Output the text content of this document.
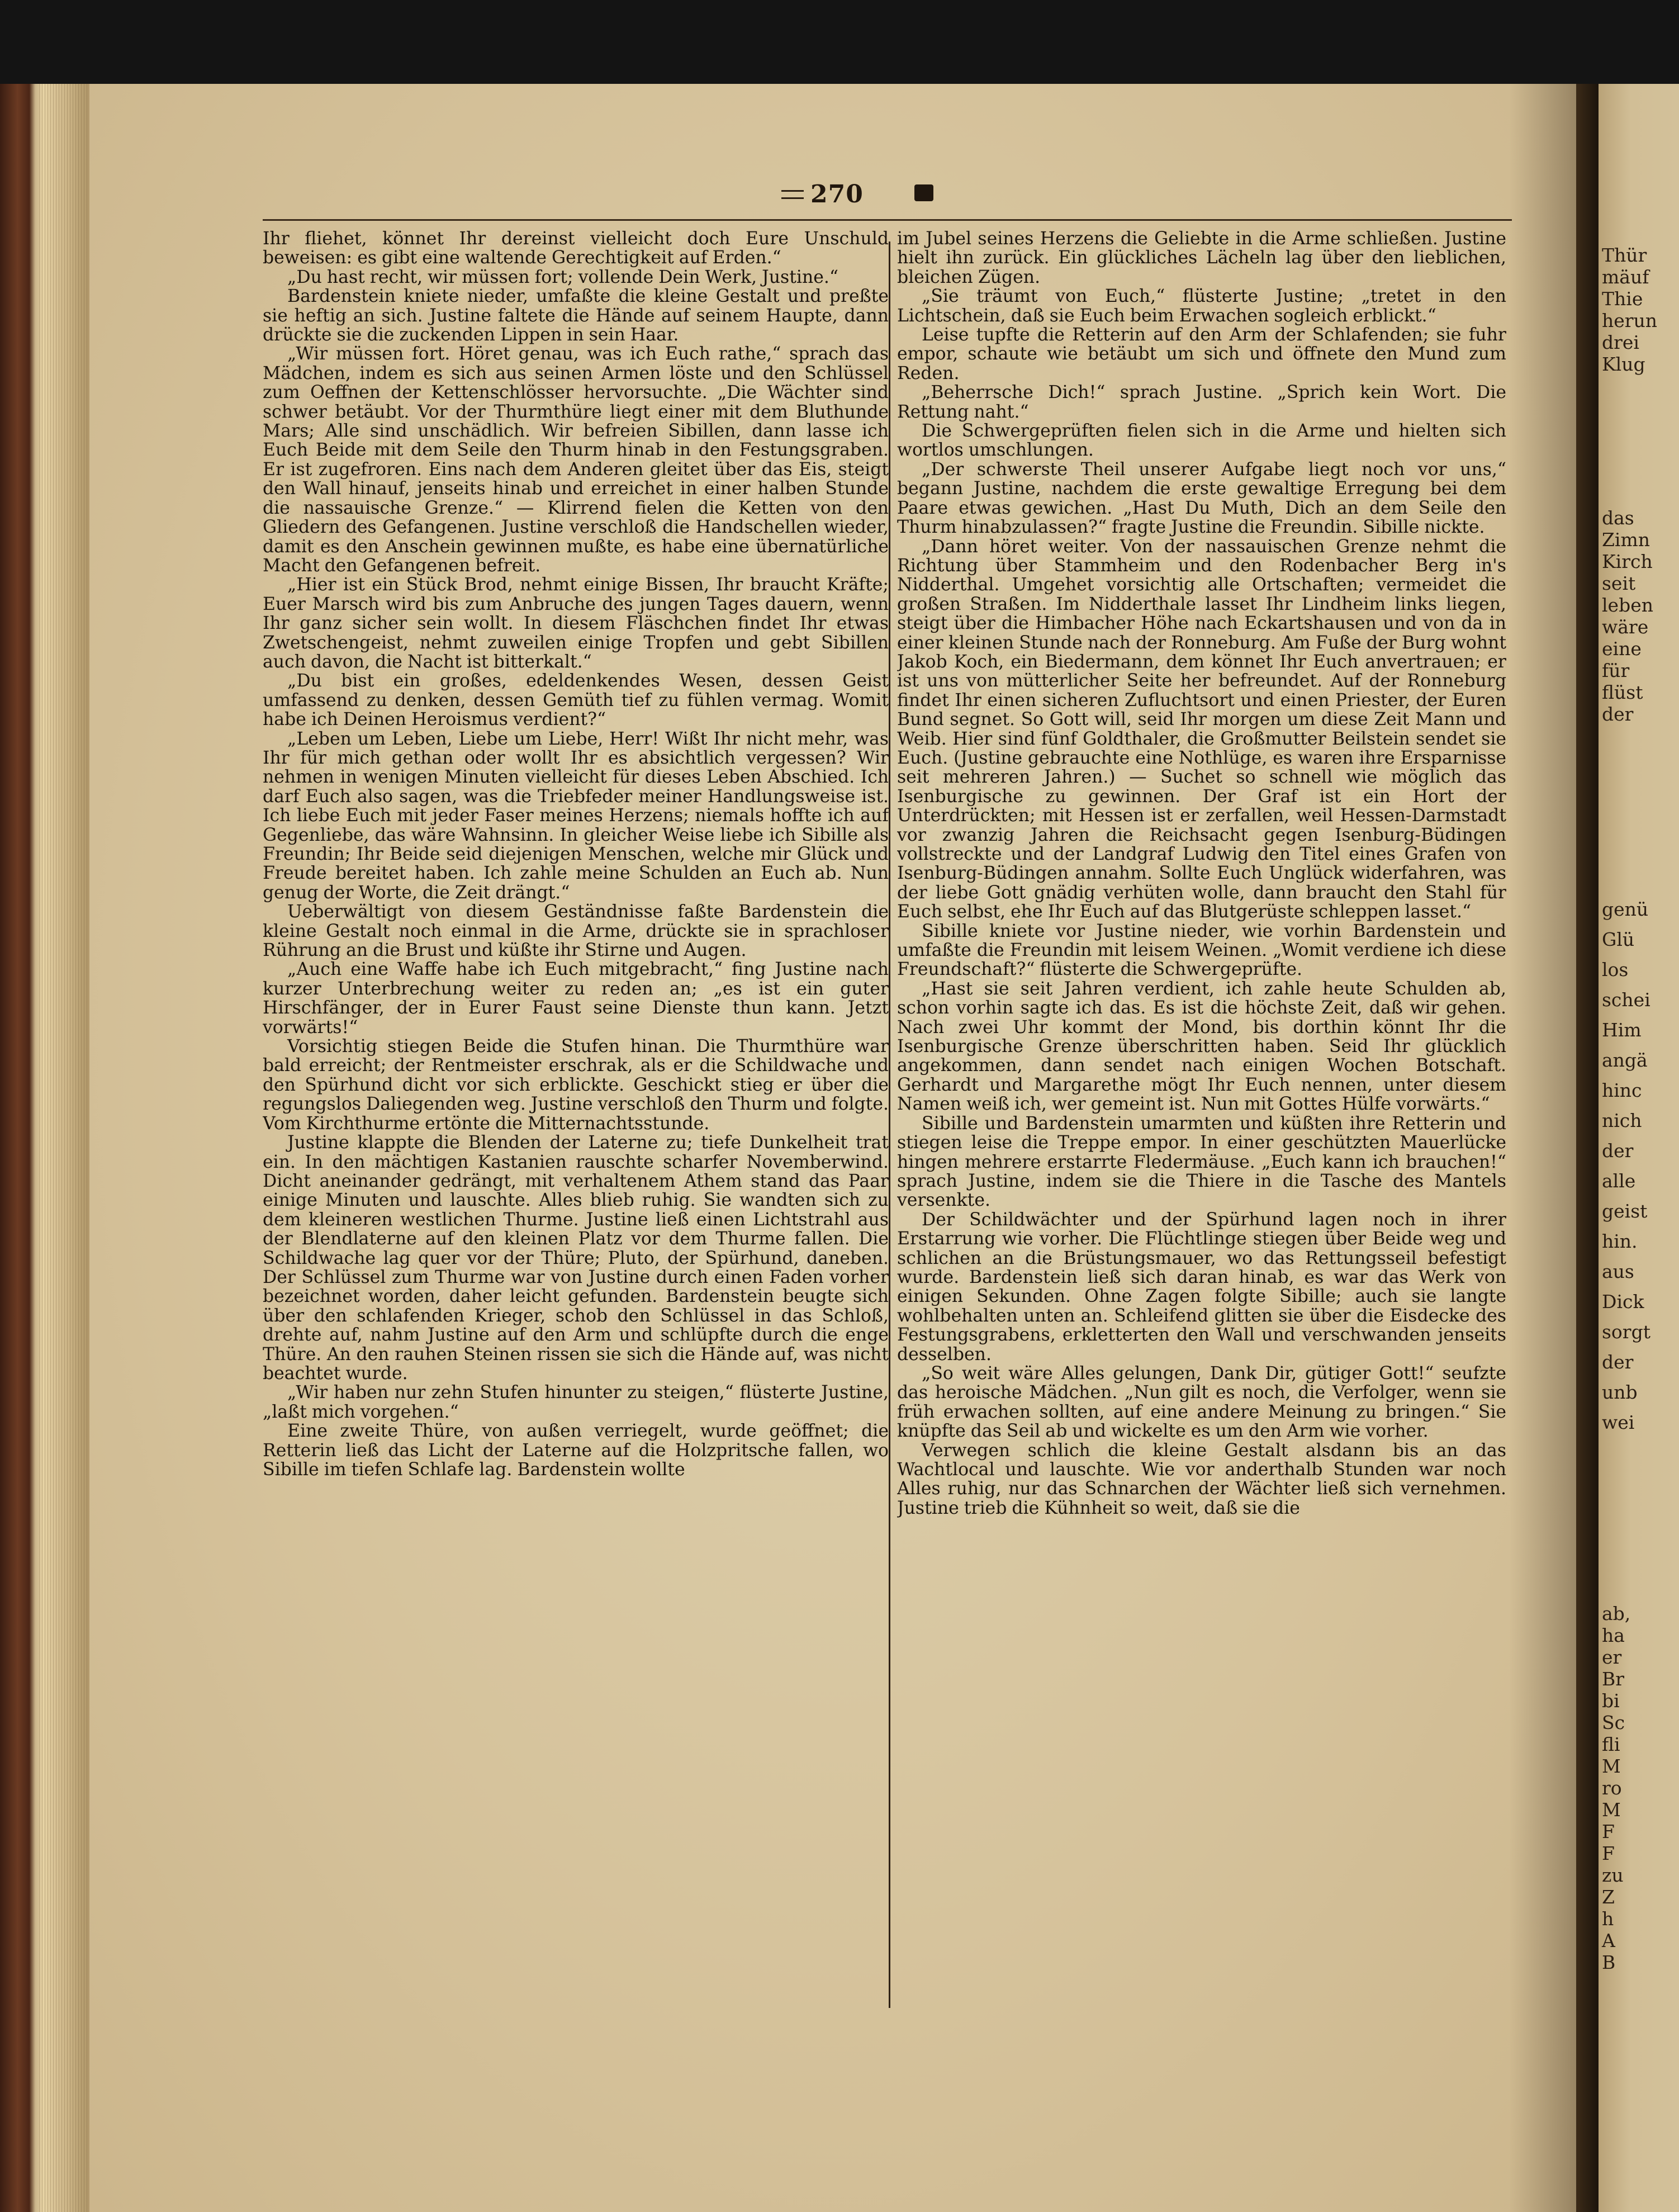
Thür
mäuf
Thie
herun
drei
Klug
das
Zimn
Kirch
seit
leben
wäre
eine
für
flüst
der
genü
Glü
los
schei
Him
angä
hinc
nich
der
alle
geist
hin.
aus
Dick
sorgt
der
unb
wei
ab,
ha
er
Br
bi
Sc
fli
M
ro
M
F
F
zu
Z
h
A
B
270

Ihr fliehet, könnet Ihr dereinst vielleicht doch Eure Unschuld beweisen: es gibt eine waltende Gerechtigkeit auf Erden.“

„Du hast recht, wir müssen fort; vollende Dein Werk, Justine.“

Bardenstein kniete nieder, umfaßte die kleine Gestalt und preßte sie heftig an sich. Justine faltete die Hände auf seinem Haupte, dann drückte sie die zuckenden Lippen in sein Haar.

„Wir müssen fort. Höret genau, was ich Euch rathe,“ sprach das Mädchen, indem es sich aus seinen Armen löste und den Schlüssel zum Oeffnen der Kettenschlösser hervorsuchte. „Die Wächter sind schwer betäubt. Vor der Thurmthüre liegt einer mit dem Bluthunde Mars; Alle sind unschädlich. Wir befreien Sibillen, dann lasse ich Euch Beide mit dem Seile den Thurm hinab in den Festungsgraben. Er ist zugefroren. Eins nach dem Anderen gleitet über das Eis, steigt den Wall hinauf, jenseits hinab und erreichet in einer halben Stunde die nassauische Grenze.“ — Klirrend fielen die Ketten von den Gliedern des Gefangenen. Justine verschloß die Handschellen wieder, damit es den Anschein gewinnen mußte, es habe eine übernatürliche Macht den Gefangenen befreit.

„Hier ist ein Stück Brod, nehmt einige Bissen, Ihr braucht Kräfte; Euer Marsch wird bis zum Anbruche des jungen Tages dauern, wenn Ihr ganz sicher sein wollt. In diesem Fläschchen findet Ihr etwas Zwetschengeist, nehmt zuweilen einige Tropfen und gebt Sibillen auch davon, die Nacht ist bitterkalt.“

„Du bist ein großes, edeldenkendes Wesen, dessen Geist umfassend zu denken, dessen Gemüth tief zu fühlen vermag. Womit habe ich Deinen Heroismus verdient?“

„Leben um Leben, Liebe um Liebe, Herr! Wißt Ihr nicht mehr, was Ihr für mich gethan oder wollt Ihr es absichtlich vergessen? Wir nehmen in wenigen Minuten vielleicht für dieses Leben Abschied. Ich darf Euch also sagen, was die Triebfeder meiner Handlungsweise ist. Ich liebe Euch mit jeder Faser meines Herzens; niemals hoffte ich auf Gegenliebe, das wäre Wahnsinn. In gleicher Weise liebe ich Sibille als Freundin; Ihr Beide seid diejenigen Menschen, welche mir Glück und Freude bereitet haben. Ich zahle meine Schulden an Euch ab. Nun genug der Worte, die Zeit drängt.“

Ueberwältigt von diesem Geständnisse faßte Bardenstein die kleine Gestalt noch einmal in die Arme, drückte sie in sprachloser Rührung an die Brust und küßte ihr Stirne und Augen.

„Auch eine Waffe habe ich Euch mitgebracht,“ fing Justine nach kurzer Unterbrechung weiter zu reden an; „es ist ein guter Hirschfänger, der in Eurer Faust seine Dienste thun kann. Jetzt vorwärts!“

Vorsichtig stiegen Beide die Stufen hinan. Die Thurmthüre war bald erreicht; der Rentmeister erschrak, als er die Schildwache und den Spürhund dicht vor sich erblickte. Geschickt stieg er über die regungslos Daliegenden weg. Justine verschloß den Thurm und folgte. Vom Kirchthurme ertönte die Mitternachtsstunde.

Justine klappte die Blenden der Laterne zu; tiefe Dunkelheit trat ein. In den mächtigen Kastanien rauschte scharfer Novemberwind. Dicht aneinander gedrängt, mit verhaltenem Athem stand das Paar einige Minuten und lauschte. Alles blieb ruhig. Sie wandten sich zu dem kleineren westlichen Thurme. Justine ließ einen Lichtstrahl aus der Blendlaterne auf den kleinen Platz vor dem Thurme fallen. Die Schildwache lag quer vor der Thüre; Pluto, der Spürhund, daneben. Der Schlüssel zum Thurme war von Justine durch einen Faden vorher bezeichnet worden, daher leicht gefunden. Bardenstein beugte sich über den schlafenden Krieger, schob den Schlüssel in das Schloß, drehte auf, nahm Justine auf den Arm und schlüpfte durch die enge Thüre. An den rauhen Steinen rissen sie sich die Hände auf, was nicht beachtet wurde.

„Wir haben nur zehn Stufen hinunter zu steigen,“ flüsterte Justine, „laßt mich vorgehen.“

Eine zweite Thüre, von außen verriegelt, wurde geöffnet; die Retterin ließ das Licht der Laterne auf die Holzpritsche fallen, wo Sibille im tiefen Schlafe lag. Bardenstein wollte

im Jubel seines Herzens die Geliebte in die Arme schließen. Justine hielt ihn zurück. Ein glückliches Lächeln lag über den lieblichen, bleichen Zügen.

„Sie träumt von Euch,“ flüsterte Justine; „tretet in den Lichtschein, daß sie Euch beim Erwachen sogleich erblickt.“

Leise tupfte die Retterin auf den Arm der Schlafenden; sie fuhr empor, schaute wie betäubt um sich und öffnete den Mund zum Reden.

„Beherrsche Dich!“ sprach Justine. „Sprich kein Wort. Die Rettung naht.“

Die Schwergeprüften fielen sich in die Arme und hielten sich wortlos umschlungen.

„Der schwerste Theil unserer Aufgabe liegt noch vor uns,“ begann Justine, nachdem die erste gewaltige Erregung bei dem Paare etwas gewichen. „Hast Du Muth, Dich an dem Seile den Thurm hinabzulassen?“ fragte Justine die Freundin. Sibille nickte.

„Dann höret weiter. Von der nassauischen Grenze nehmt die Richtung über Stammheim und den Rodenbacher Berg in's Nidderthal. Umgehet vorsichtig alle Ortschaften; vermeidet die großen Straßen. Im Nidderthale lasset Ihr Lindheim links liegen, steigt über die Himbacher Höhe nach Eckartshausen und von da in einer kleinen Stunde nach der Ronneburg. Am Fuße der Burg wohnt Jakob Koch, ein Biedermann, dem könnet Ihr Euch anvertrauen; er ist uns von mütterlicher Seite her befreundet. Auf der Ronneburg findet Ihr einen sicheren Zufluchtsort und einen Priester, der Euren Bund segnet. So Gott will, seid Ihr morgen um diese Zeit Mann und Weib. Hier sind fünf Goldthaler, die Großmutter Beilstein sendet sie Euch. (Justine gebrauchte eine Nothlüge, es waren ihre Ersparnisse seit mehreren Jahren.) — Suchet so schnell wie möglich das Isenburgische zu gewinnen. Der Graf ist ein Hort der Unterdrückten; mit Hessen ist er zerfallen, weil Hessen-Darmstadt vor zwanzig Jahren die Reichsacht gegen Isenburg-Büdingen vollstreckte und der Landgraf Ludwig den Titel eines Grafen von Isenburg-Büdingen annahm. Sollte Euch Unglück widerfahren, was der liebe Gott gnädig verhüten wolle, dann braucht den Stahl für Euch selbst, ehe Ihr Euch auf das Blutgerüste schleppen lasset.“

Sibille kniete vor Justine nieder, wie vorhin Bardenstein und umfaßte die Freundin mit leisem Weinen. „Womit verdiene ich diese Freundschaft?“ flüsterte die Schwergeprüfte.

„Hast sie seit Jahren verdient, ich zahle heute Schulden ab, schon vorhin sagte ich das. Es ist die höchste Zeit, daß wir gehen. Nach zwei Uhr kommt der Mond, bis dorthin könnt Ihr die Isenburgische Grenze überschritten haben. Seid Ihr glücklich angekommen, dann sendet nach einigen Wochen Botschaft. Gerhardt und Margarethe mögt Ihr Euch nennen, unter diesem Namen weiß ich, wer gemeint ist. Nun mit Gottes Hülfe vorwärts.“

Sibille und Bardenstein umarmten und küßten ihre Retterin und stiegen leise die Treppe empor. In einer geschützten Mauerlücke hingen mehrere erstarrte Fledermäuse. „Euch kann ich brauchen!“ sprach Justine, indem sie die Thiere in die Tasche des Mantels versenkte.

Der Schildwächter und der Spürhund lagen noch in ihrer Erstarrung wie vorher. Die Flüchtlinge stiegen über Beide weg und schlichen an die Brüstungsmauer, wo das Rettungsseil befestigt wurde. Bardenstein ließ sich daran hinab, es war das Werk von einigen Sekunden. Ohne Zagen folgte Sibille; auch sie langte wohlbehalten unten an. Schleifend glitten sie über die Eisdecke des Festungsgrabens, erkletterten den Wall und verschwanden jenseits desselben.

„So weit wäre Alles gelungen, Dank Dir, gütiger Gott!“ seufzte das heroische Mädchen. „Nun gilt es noch, die Verfolger, wenn sie früh erwachen sollten, auf eine andere Meinung zu bringen.“ Sie knüpfte das Seil ab und wickelte es um den Arm wie vorher.

Verwegen schlich die kleine Gestalt alsdann bis an das Wachtlocal und lauschte. Wie vor anderthalb Stunden war noch Alles ruhig, nur das Schnarchen der Wächter ließ sich vernehmen. Justine trieb die Kühnheit so weit, daß sie die
